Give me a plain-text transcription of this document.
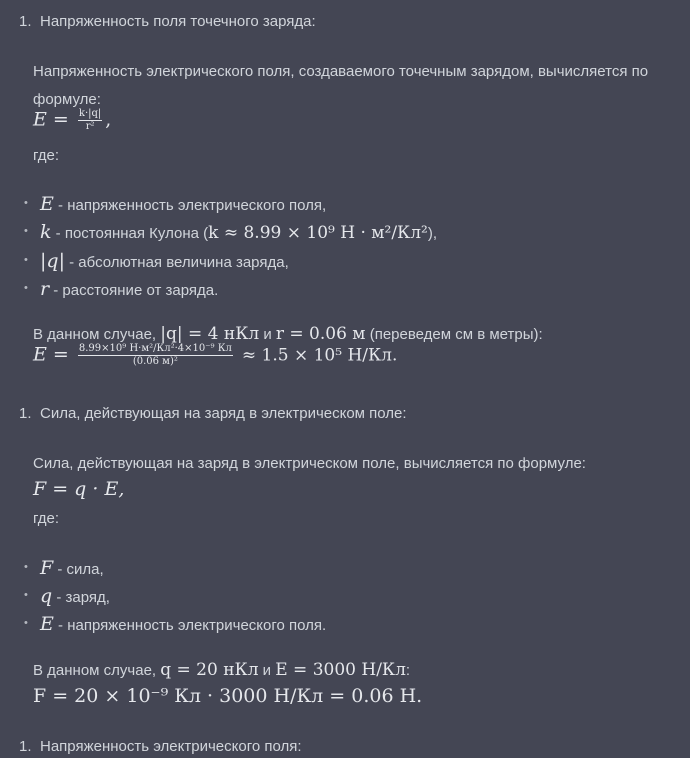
1. Напряженность поля точечного заряда:
Напряженность электрического поля, создаваемого точечным зарядом, вычисляется по
формуле:
$E = \frac{k\cdot|q|}{\text{r²}}$ ,
где:
• E - напряженность электрического поля,
• k - постоянная Кулона (k ≈ 8.99 × 10⁹ Н · м²/Кл²),
• |q| - абсолютная величина заряда,
• r - расстояние от заряда.
В данном случае, |q| = 4 нКл и r = 0.06 м (переведем см в метры):
$E = \frac{\text{8.99×10⁹ Н·м²/Кл²·4×10⁻⁹ Кл}}{\text{(0.06 м)²}} \approx 1.5 \times 10^5$ Н/Кл.
1. Сила, действующая на заряд в электрическом поле:
Сила, действующая на заряд в электрическом поле, вычисляется по формуле:
F = q · E,
где:
• F - сила,
• q - заряд,
• E - напряженность электрического поля.
В данном случае, q = 20 нКл и E = 3000 Н/Кл:
F = 20 × 10⁻⁹ Кл · 3000 Н/Кл = 0.06 Н.
1. Напряженность электрического поля:
